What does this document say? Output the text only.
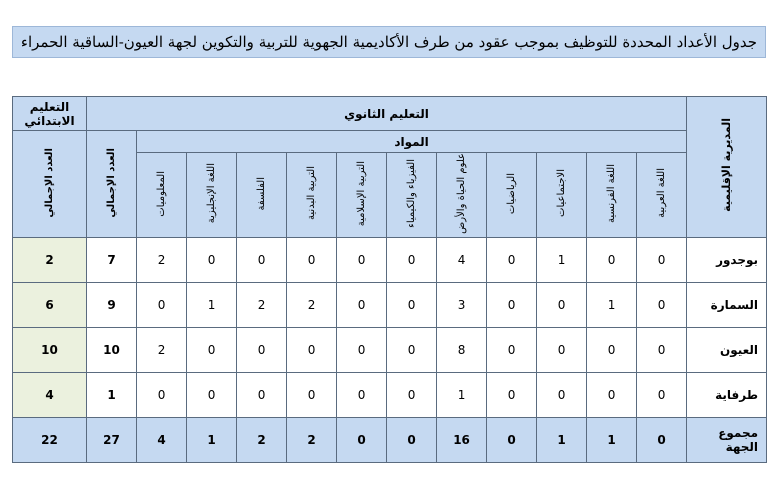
جدول الأعداد المحددة للتوظيف بموجب عقود من طرف الأكاديمية الجهوية للتربية والتكوين لجهة العيون-الساقية الحمراء
المديرية الإقليمية	التعليم الثانوي												التعليم الابتدائي
	المواد											العدد الإجمالي	العدد الإجمالي
	اللغة العربية	اللغة الفرنسية	الاجتماعيات	الرياضيات	علوم الحياة والأرض	الفيزياء والكيمياء	التربية الإسلامية	التربية البدنية	الفلسفة	اللغة الإنجليزية	المعلوميات		
بوجدور	0	0	1	0	4	0	0	0	0	0	2	7	2
السمارة	0	1	0	0	3	0	0	2	2	1	0	9	6
العيون	0	0	0	0	8	0	0	0	0	0	2	10	10
طرفاية	0	0	0	0	1	0	0	0	0	0	0	1	4
مجموع الجهة	0	1	1	0	16	0	0	2	2	1	4	27	22
